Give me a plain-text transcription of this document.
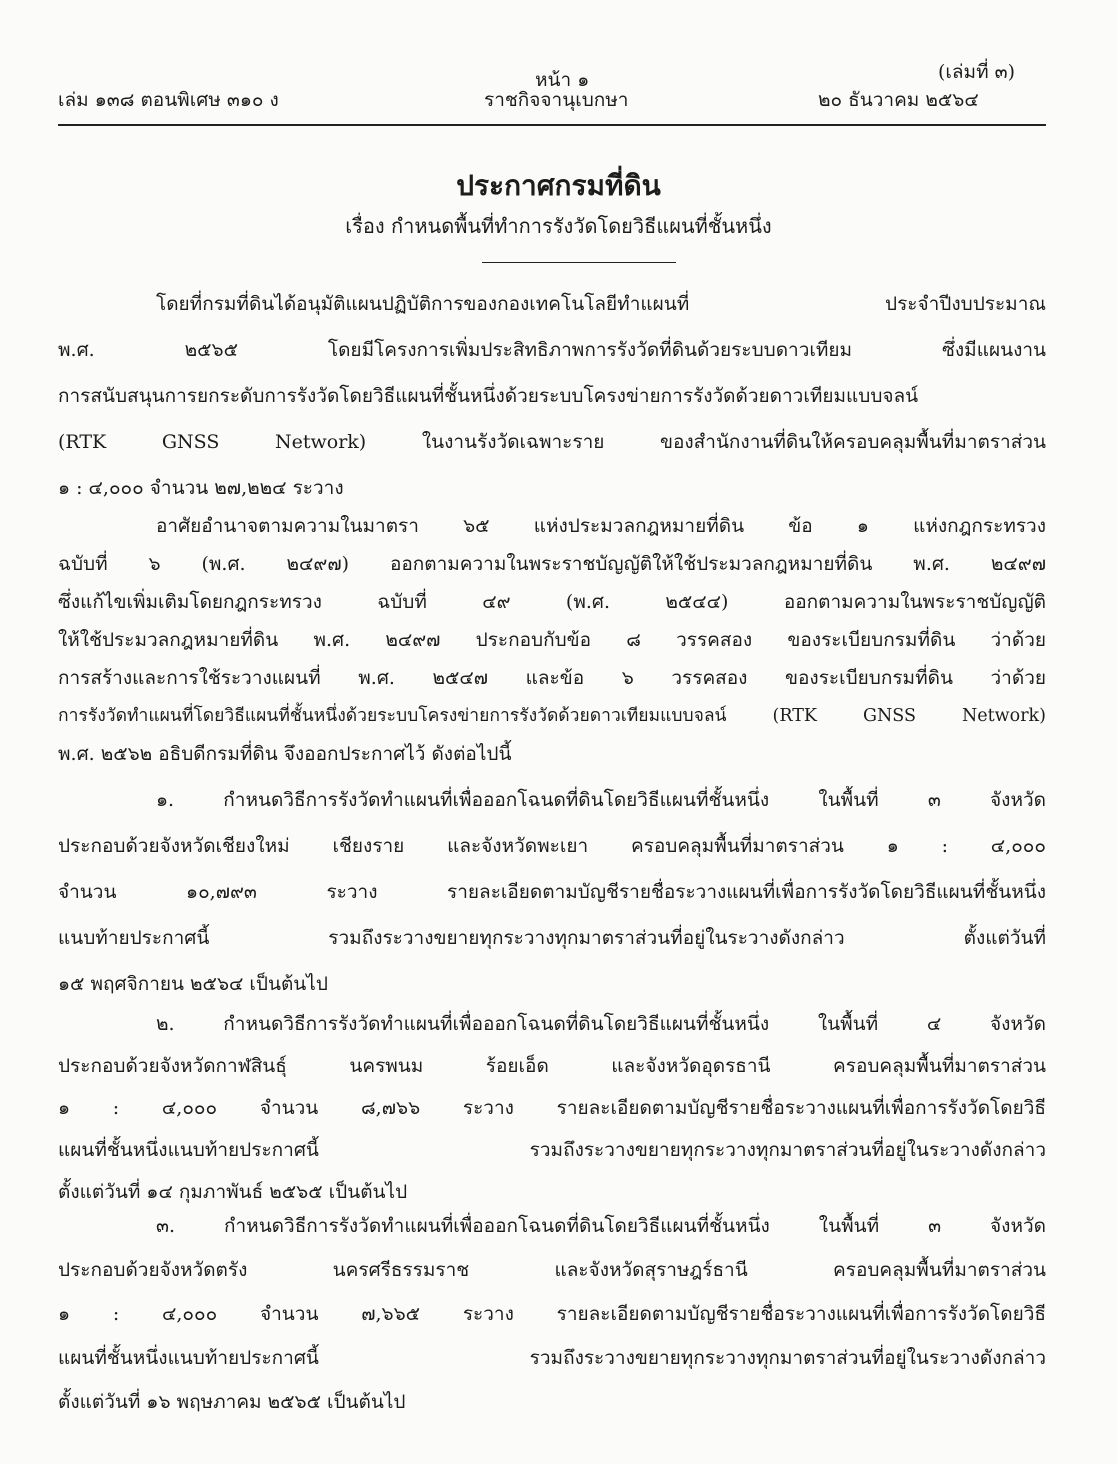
หน้า ๑	(เล่มที่ ๓)
เล่ม ๑๓๘ ตอนพิเศษ ๓๑๐ ง	ราชกิจจานุเบกษา	๒๐ ธันวาคม ๒๕๖๔
ประกาศกรมที่ดิน
เรื่อง กำหนดพื้นที่ทำการรังวัดโดยวิธีแผนที่ชั้นหนึ่ง
โดยที่กรมที่ดินได้อนุมัติแผนปฏิบัติการของกองเทคโนโลยีทำแผนที่ ประจำปีงบประมาณ
พ.ศ. ๒๕๖๕ โดยมีโครงการเพิ่มประสิทธิภาพการรังวัดที่ดินด้วยระบบดาวเทียม ซึ่งมีแผนงาน
การสนับสนุนการยกระดับการรังวัดโดยวิธีแผนที่ชั้นหนึ่งด้วยระบบโครงข่ายการรังวัดด้วยดาวเทียมแบบจลน์
(RTK GNSS Network) ในงานรังวัดเฉพาะราย ของสำนักงานที่ดินให้ครอบคลุมพื้นที่มาตราส่วน
๑ : ๔,๐๐๐ จำนวน ๒๗,๒๒๔ ระวาง
อาศัยอำนาจตามความในมาตรา ๖๕ แห่งประมวลกฎหมายที่ดิน ข้อ ๑ แห่งกฎกระทรวง
ฉบับที่ ๖ (พ.ศ. ๒๔๙๗) ออกตามความในพระราชบัญญัติให้ใช้ประมวลกฎหมายที่ดิน พ.ศ. ๒๔๙๗
ซึ่งแก้ไขเพิ่มเติมโดยกฎกระทรวง ฉบับที่ ๔๙ (พ.ศ. ๒๕๔๔) ออกตามความในพระราชบัญญัติ
ให้ใช้ประมวลกฎหมายที่ดิน พ.ศ. ๒๔๙๗ ประกอบกับข้อ ๘ วรรคสอง ของระเบียบกรมที่ดิน ว่าด้วย
การสร้างและการใช้ระวางแผนที่ พ.ศ. ๒๕๔๗ และข้อ ๖ วรรคสอง ของระเบียบกรมที่ดิน ว่าด้วย
การรังวัดทำแผนที่โดยวิธีแผนที่ชั้นหนึ่งด้วยระบบโครงข่ายการรังวัดด้วยดาวเทียมแบบจลน์ (RTK GNSS Network)
พ.ศ. ๒๕๖๒ อธิบดีกรมที่ดิน จึงออกประกาศไว้ ดังต่อไปนี้
๑. กำหนดวิธีการรังวัดทำแผนที่เพื่อออกโฉนดที่ดินโดยวิธีแผนที่ชั้นหนึ่ง ในพื้นที่ ๓ จังหวัด
ประกอบด้วยจังหวัดเชียงใหม่ เชียงราย และจังหวัดพะเยา ครอบคลุมพื้นที่มาตราส่วน ๑ : ๔,๐๐๐
จำนวน ๑๐,๗๙๓ ระวาง รายละเอียดตามบัญชีรายชื่อระวางแผนที่เพื่อการรังวัดโดยวิธีแผนที่ชั้นหนึ่ง
แนบท้ายประกาศนี้ รวมถึงระวางขยายทุกระวางทุกมาตราส่วนที่อยู่ในระวางดังกล่าว ตั้งแต่วันที่
๑๕ พฤศจิกายน ๒๕๖๔ เป็นต้นไป
๒. กำหนดวิธีการรังวัดทำแผนที่เพื่อออกโฉนดที่ดินโดยวิธีแผนที่ชั้นหนึ่ง ในพื้นที่ ๔ จังหวัด
ประกอบด้วยจังหวัดกาฬสินธุ์ นครพนม ร้อยเอ็ด และจังหวัดอุดรธานี ครอบคลุมพื้นที่มาตราส่วน
๑ : ๔,๐๐๐ จำนวน ๘,๗๖๖ ระวาง รายละเอียดตามบัญชีรายชื่อระวางแผนที่เพื่อการรังวัดโดยวิธี
แผนที่ชั้นหนึ่งแนบท้ายประกาศนี้ รวมถึงระวางขยายทุกระวางทุกมาตราส่วนที่อยู่ในระวางดังกล่าว
ตั้งแต่วันที่ ๑๔ กุมภาพันธ์ ๒๕๖๕ เป็นต้นไป
๓. กำหนดวิธีการรังวัดทำแผนที่เพื่อออกโฉนดที่ดินโดยวิธีแผนที่ชั้นหนึ่ง ในพื้นที่ ๓ จังหวัด
ประกอบด้วยจังหวัดตรัง นครศรีธรรมราช และจังหวัดสุราษฎร์ธานี ครอบคลุมพื้นที่มาตราส่วน
๑ : ๔,๐๐๐ จำนวน ๗,๖๖๕ ระวาง รายละเอียดตามบัญชีรายชื่อระวางแผนที่เพื่อการรังวัดโดยวิธี
แผนที่ชั้นหนึ่งแนบท้ายประกาศนี้ รวมถึงระวางขยายทุกระวางทุกมาตราส่วนที่อยู่ในระวางดังกล่าว
ตั้งแต่วันที่ ๑๖ พฤษภาคม ๒๕๖๕ เป็นต้นไป
